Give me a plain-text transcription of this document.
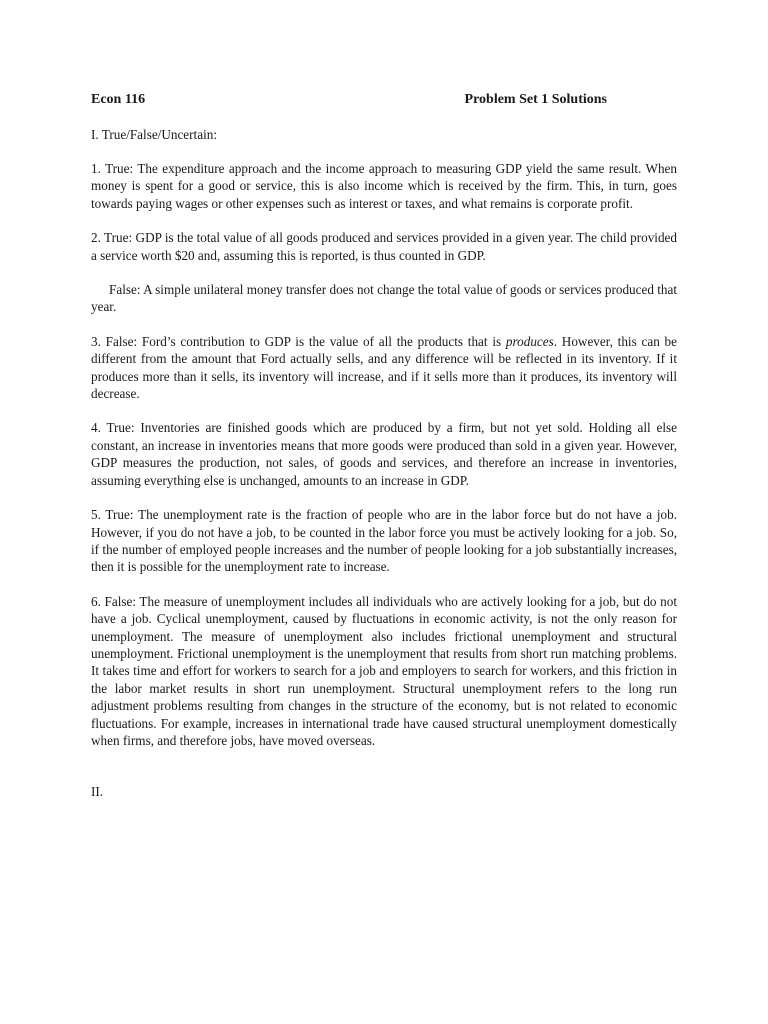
Econ 116	Problem Set 1 Solutions
I. True/False/Uncertain:

1. True: The expenditure approach and the income approach to measuring GDP yield the same result. When money is spent for a good or service, this is also income which is received by the firm. This, in turn, goes towards paying wages or other expenses such as interest or taxes, and what remains is corporate profit.

2. True: GDP is the total value of all goods produced and services provided in a given year. The child provided a service worth $20 and, assuming this is reported, is thus counted in GDP.

False: A simple unilateral money transfer does not change the total value of goods or services produced that year.

3. False: Ford’s contribution to GDP is the value of all the products that is produces. However, this can be different from the amount that Ford actually sells, and any difference will be reflected in its inventory. If it produces more than it sells, its inventory will increase, and if it sells more than it produces, its inventory will decrease.

4. True: Inventories are finished goods which are produced by a firm, but not yet sold. Holding all else constant, an increase in inventories means that more goods were produced than sold in a given year. However, GDP measures the production, not sales, of goods and services, and therefore an increase in inventories, assuming everything else is unchanged, amounts to an increase in GDP.

5. True: The unemployment rate is the fraction of people who are in the labor force but do not have a job. However, if you do not have a job, to be counted in the labor force you must be actively looking for a job. So, if the number of employed people increases and the number of people looking for a job substantially increases, then it is possible for the unemployment rate to increase.

6. False: The measure of unemployment includes all individuals who are actively looking for a job, but do not have a job. Cyclical unemployment, caused by fluctuations in economic activity, is not the only reason for unemployment. The measure of unemployment also includes frictional unemployment and structural unemployment. Frictional unemployment is the unemployment that results from short run matching problems. It takes time and effort for workers to search for a job and employers to search for workers, and this friction in the labor market results in short run unemployment. Structural unemployment refers to the long run adjustment problems resulting from changes in the structure of the economy, but is not related to economic fluctuations. For example, increases in international trade have caused structural unemployment domestically when firms, and therefore jobs, have moved overseas.

II.
